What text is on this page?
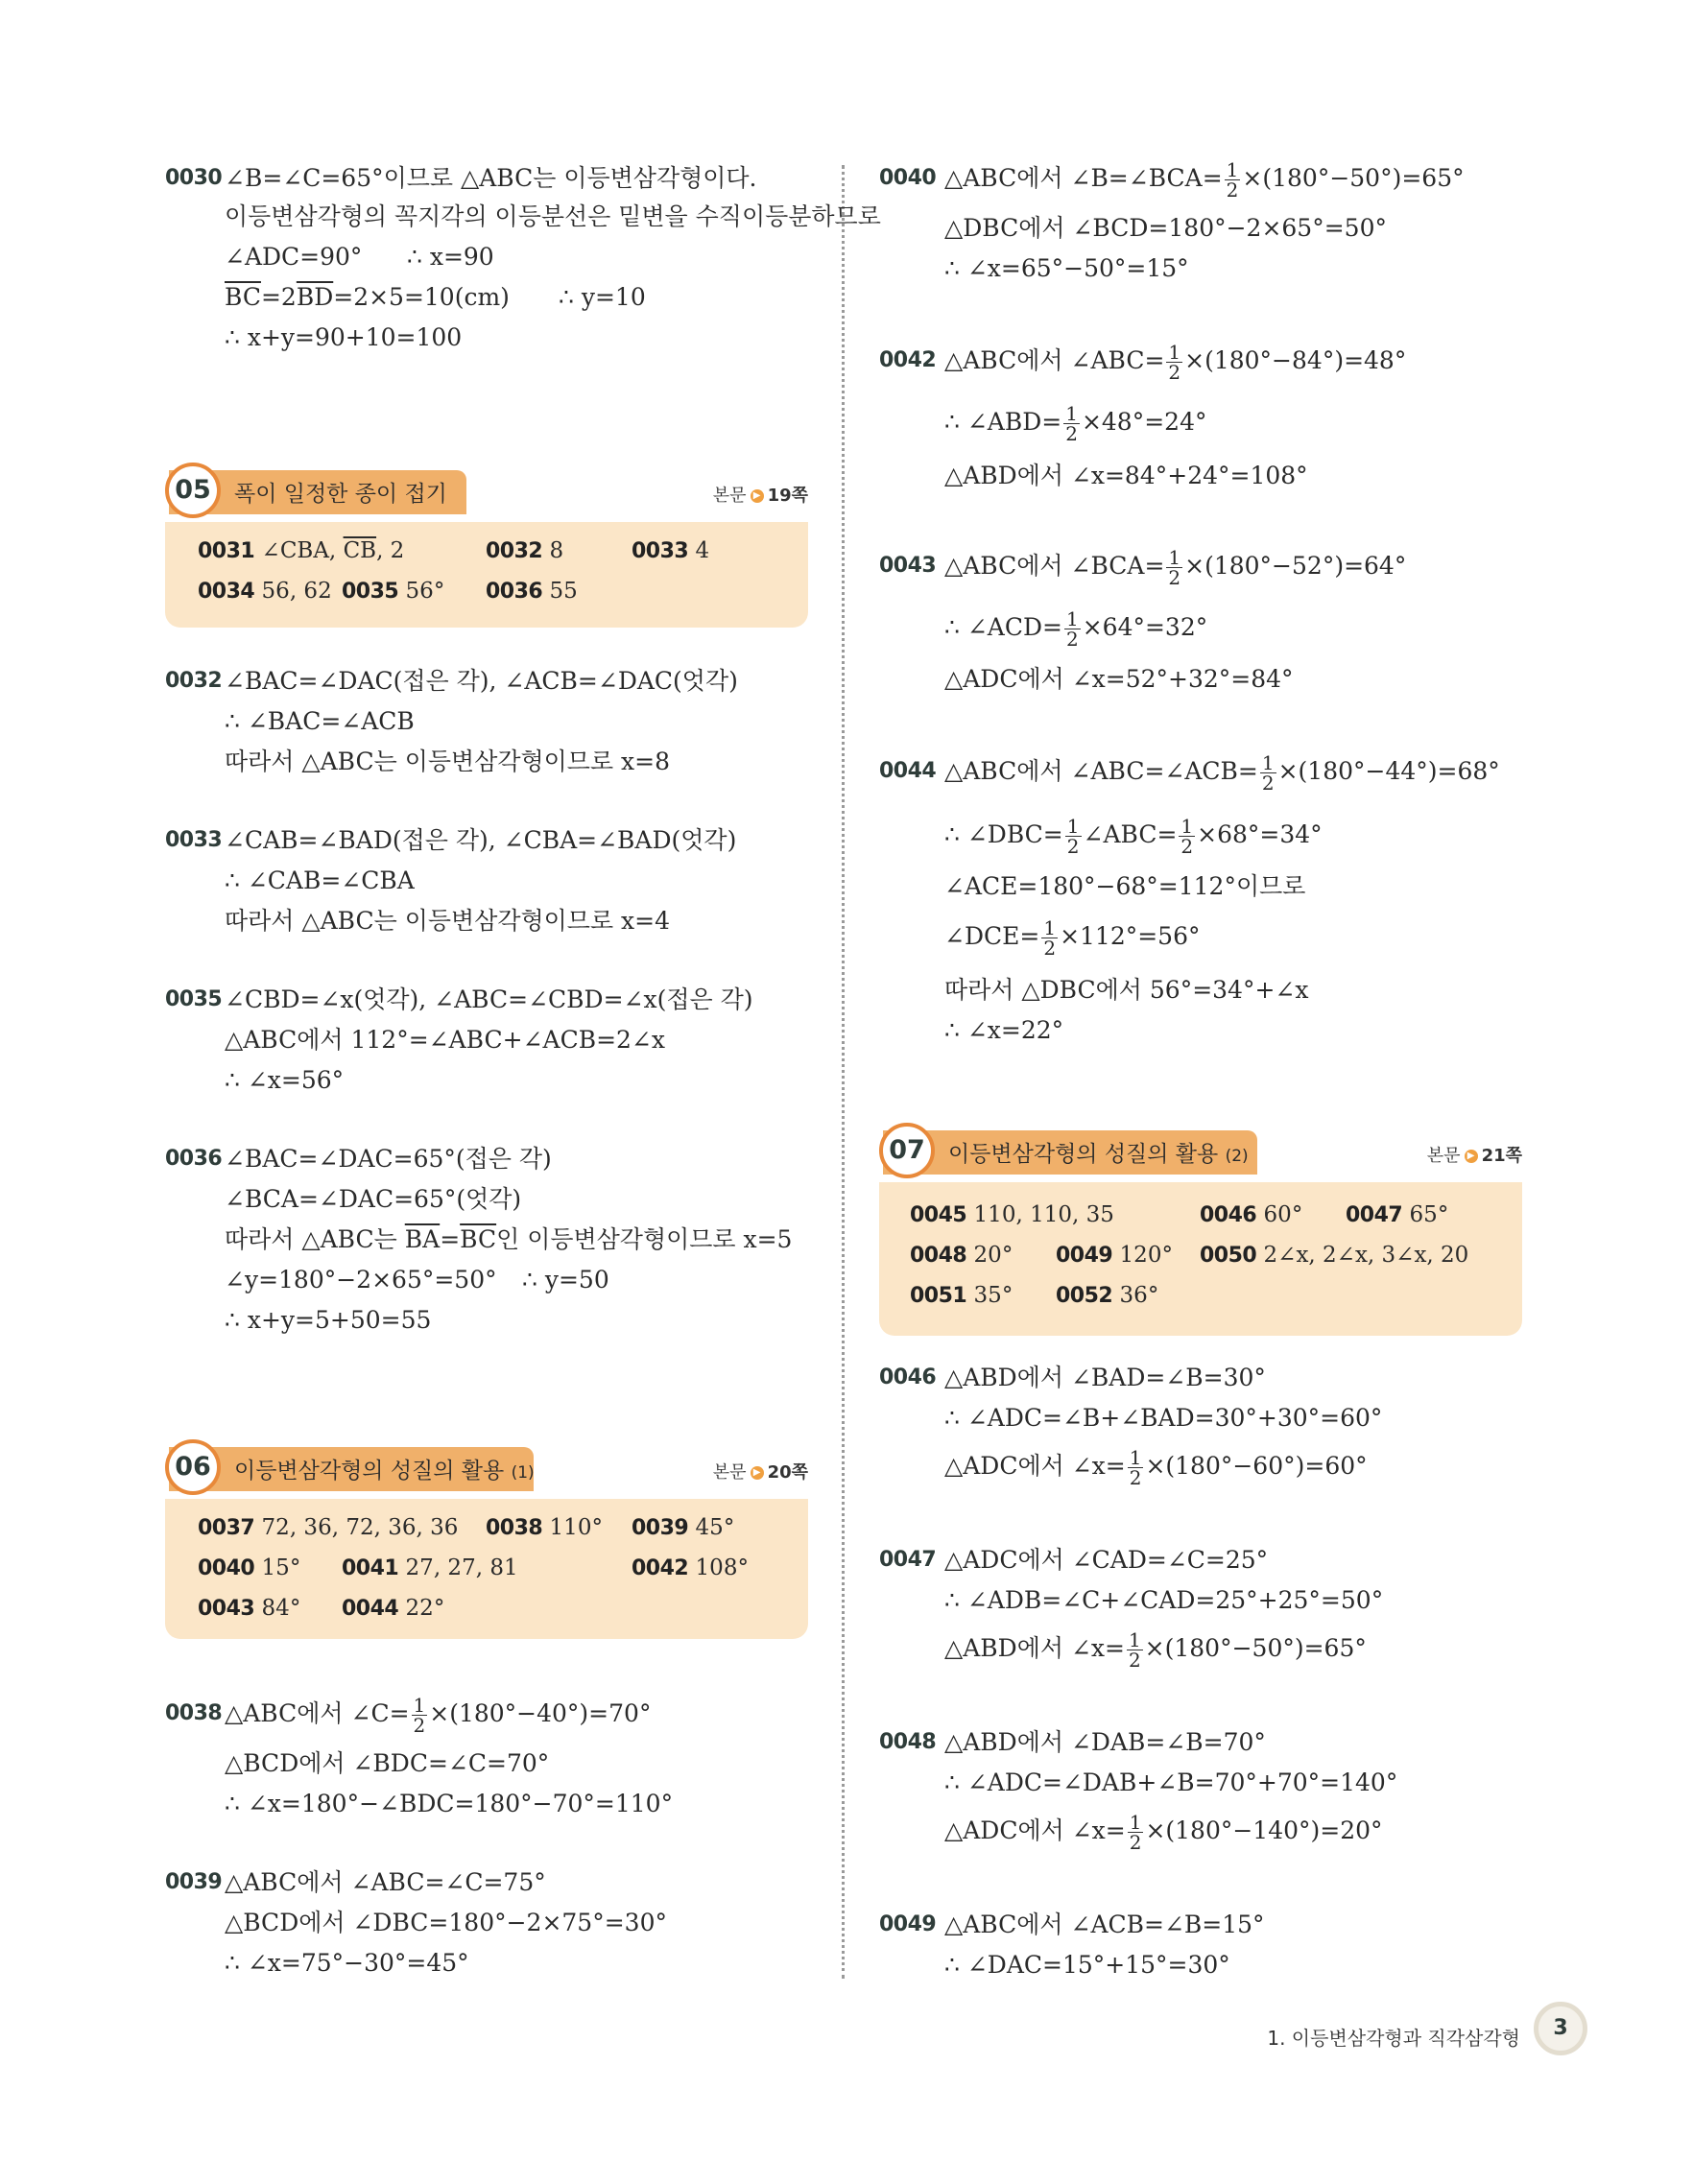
0030 ∠B=∠C=65°이므로 △ABC는 이등변삼각형이다.
이등변삼각형의 꼭지각의 이등분선은 밑변을 수직이등분하므로
∠ADC=90° ∴ x=90
$\overline{BC}=2\overline{BD}=2\times 5=10(cm)$ ∴ y=10
∴ x+y=90+10=100
05	폭이 일정한 종이 접기	본문 ▶ 19쪽
0031 ∠CBA, $\overline{CB}$, 2	0032 8	0033 4
0034 56, 62 0035 56° 0036 55
0032 ∠BAC=∠DAC(접은 각), ∠ACB=∠DAC(엇각)
∴ ∠BAC=∠ACB
따라서 △ABC는 이등변삼각형이므로 x=8
0033 ∠CAB=∠BAD(접은 각), ∠CBA=∠BAD(엇각)
∴ ∠CAB=∠CBA
따라서 △ABC는 이등변삼각형이므로 x=4
0035 ∠CBD=∠x(엇각), ∠ABC=∠CBD=∠x(접은 각)
△ABC에서 112°=∠ABC+∠ACB=2∠x
∴ ∠x=56°
0036 ∠BAC=∠DAC=65°(접은 각)
∠BCA=∠DAC=65°(엇각)
따라서 △ABC는 $\overline{BA}=\overline{BC}$인 이등변삼각형이므로 x=5
∠y=180°−2×65°=50° ∴ y=50
∴ x+y=5+50=55
06	이등변삼각형의 성질의 활용 (1)	본문 ▶ 20쪽
0037 72, 36, 72, 36, 36 0038 110° 0039 45°
0040 15° 0041 27, 27, 81	0042 108°
0043 84° 0044 22°
0038 △ABC에서 ∠C= $\frac{1}{2} \times(180^\circ-40^\circ)=70^\circ$
△BCD에서 ∠BDC=∠C=70°
∴ ∠x=180°−∠BDC=180°−70°=110°
0039 △ABC에서 ∠ABC=∠C=75°
△BCD에서 ∠DBC=180°−2×75°=30°
∴ ∠x=75°−30°=45°
0040 △ABC에서 ∠B=∠BCA= $\frac{1}{2} \times(180^\circ-50^\circ)=65^\circ$
△DBC에서 ∠BCD=180°−2×65°=50°
∴ ∠x=65°−50°=15°
0042 △ABC에서 ∠ABC= $\frac{1}{2} \times(180^\circ-84^\circ)=48^\circ$
∴ ∠ABD= $\frac{1}{2} \times 48^\circ=24^\circ$
△ABD에서 ∠x=84°+24°=108°
0043 △ABC에서 ∠BCA= $\frac{1}{2} \times(180^\circ-52^\circ)=64^\circ$
∴ ∠ACD= $\frac{1}{2} \times 64^\circ=32^\circ$
△ADC에서 ∠x=52°+32°=84°
0044 △ABC에서 ∠ABC=∠ACB= $\frac{1}{2} \times(180^\circ-44^\circ)=68^\circ$
∴ ∠DBC= $\frac{1}{2}$ ∠ABC= $\frac{1}{2} \times 68^\circ=34^\circ$
∠ACE=180°−68°=112°이므로
∠DCE= $\frac{1}{2} \times 112^\circ=56^\circ$
따라서 △DBC에서 56°=34°+∠x
∴ ∠x=22°
07	이등변삼각형의 성질의 활용 (2)	본문 ▶ 21쪽
0045 110, 110, 35	0046 60° 0047 65°
0048 20° 0049 120° 0050 2∠x, 2∠x, 3∠x, 20
0051 35° 0052 36°
0046 △ABD에서 ∠BAD=∠B=30°
∴ ∠ADC=∠B+∠BAD=30°+30°=60°
△ADC에서 ∠x= $\frac{1}{2} \times(180^\circ-60^\circ)=60^\circ$
0047 △ADC에서 ∠CAD=∠C=25°
∴ ∠ADB=∠C+∠CAD=25°+25°=50°
△ABD에서 ∠x= $\frac{1}{2} \times(180^\circ-50^\circ)=65^\circ$
0048 △ABD에서 ∠DAB=∠B=70°
∴ ∠ADC=∠DAB+∠B=70°+70°=140°
△ADC에서 ∠x= $\frac{1}{2} \times(180^\circ-140^\circ)=20^\circ$
0049 △ABC에서 ∠ACB=∠B=15°
∴ ∠DAC=15°+15°=30°
1. 이등변삼각형과 직각삼각형	3
